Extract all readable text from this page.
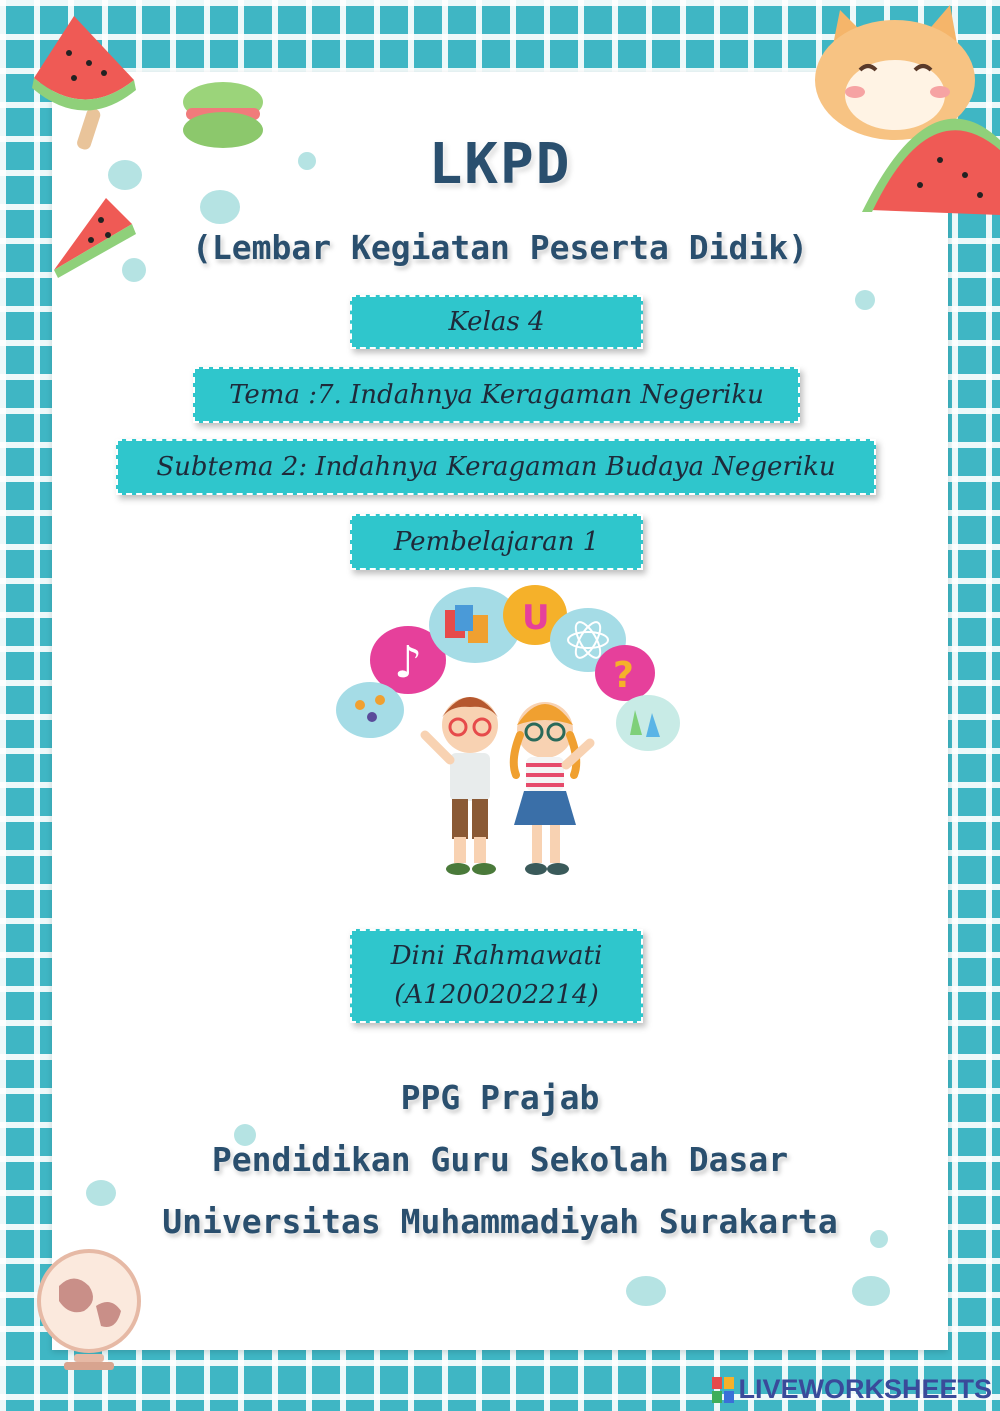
LKPD
(Lembar Kegiatan Peserta Didik)
Kelas 4
Tema :7. Indahnya Keragaman Negeriku
Subtema 2: Indahnya Keragaman Budaya Negeriku
Pembelajaran 1
♪
U
?
Dini Rahmawati
(A1200202214)
PPG Prajab
Pendidikan Guru Sekolah Dasar
Universitas Muhammadiyah Surakarta
LIVEWORKSHEETS
